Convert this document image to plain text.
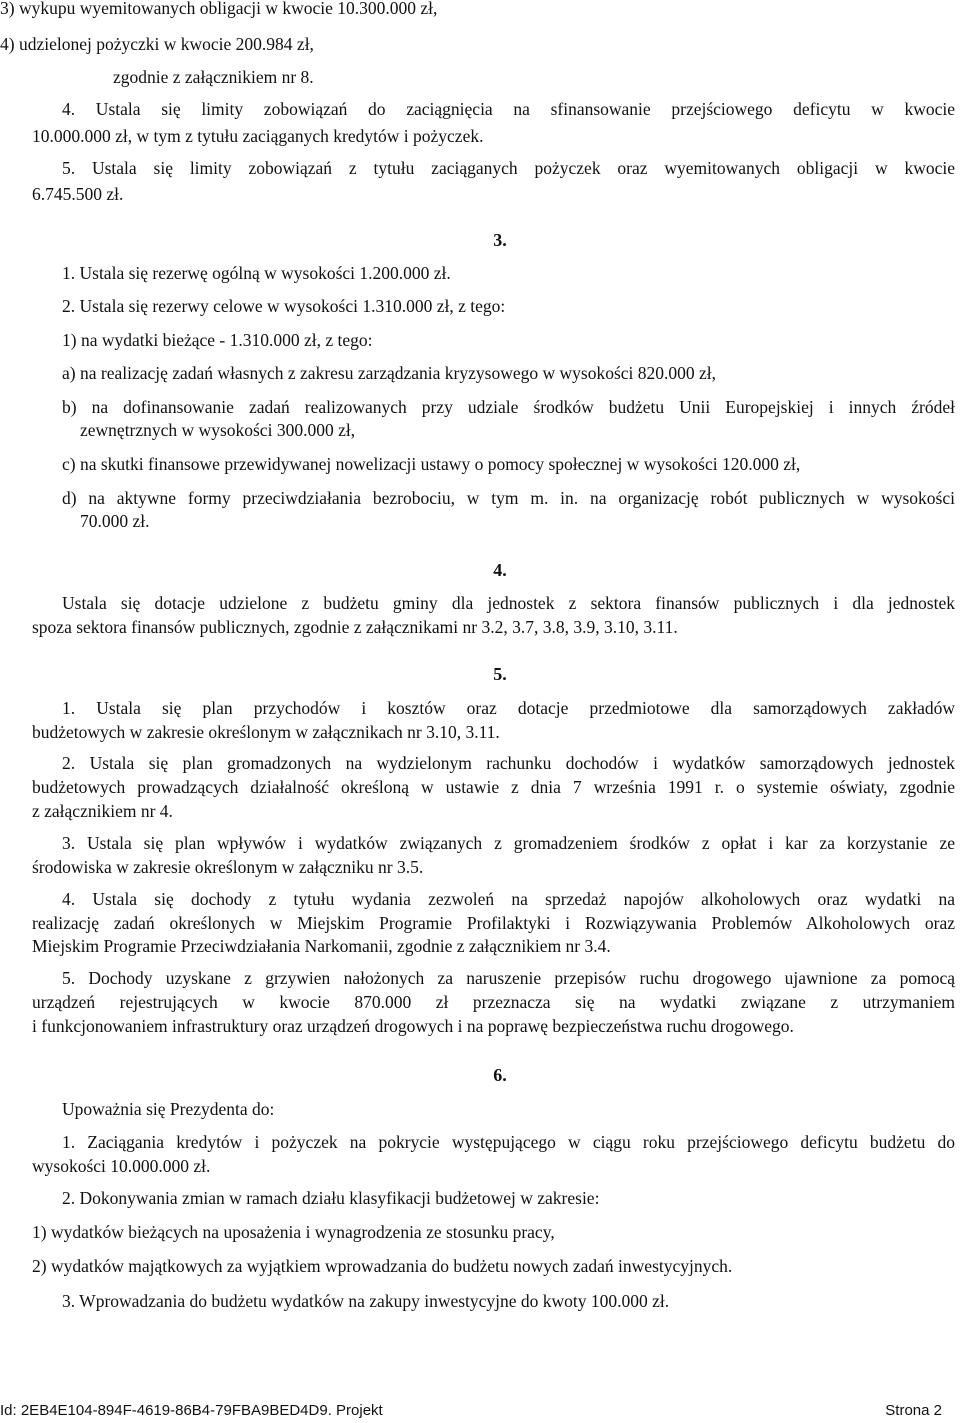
3) wykupu wyemitowanych obligacji w kwocie 10.300.000 zł,
4) udzielonej pożyczki w kwocie 200.984 zł,
zgodnie z załącznikiem nr 8.
4. Ustala się limity zobowiązań do zaciągnięcia na sfinansowanie przejściowego deficytu w kwocie
10.000.000 zł, w tym z tytułu zaciąganych kredytów i pożyczek.
5. Ustala się limity zobowiązań z tytułu zaciąganych pożyczek oraz wyemitowanych obligacji w kwocie
6.745.500 zł.
3.
1. Ustala się rezerwę ogólną w wysokości 1.200.000 zł.
2. Ustala się rezerwy celowe w wysokości 1.310.000 zł, z tego:
1) na wydatki bieżące - 1.310.000 zł, z tego:
a) na realizację zadań własnych z zakresu zarządzania kryzysowego w wysokości 820.000 zł,
b) na dofinansowanie zadań realizowanych przy udziale środków budżetu Unii Europejskiej i innych źródeł
zewnętrznych w wysokości 300.000 zł,
c) na skutki finansowe przewidywanej nowelizacji ustawy o pomocy społecznej w wysokości 120.000 zł,
d) na aktywne formy przeciwdziałania bezrobociu, w tym m. in. na organizację robót publicznych w wysokości
70.000 zł.
4.
Ustala się dotacje udzielone z budżetu gminy dla jednostek z sektora finansów publicznych i dla jednostek
spoza sektora finansów publicznych, zgodnie z załącznikami nr 3.2, 3.7, 3.8, 3.9, 3.10, 3.11.
5.
1. Ustala się plan przychodów i kosztów oraz dotacje przedmiotowe dla samorządowych zakładów
budżetowych w zakresie określonym w załącznikach nr 3.10, 3.11.
2. Ustala się plan gromadzonych na wydzielonym rachunku dochodów i wydatków samorządowych jednostek
budżetowych prowadzących działalność określoną w ustawie z dnia 7 września 1991 r. o systemie oświaty, zgodnie
z załącznikiem nr 4.
3. Ustala się plan wpływów i wydatków związanych z gromadzeniem środków z opłat i kar za korzystanie ze
środowiska w zakresie określonym w załączniku nr 3.5.
4. Ustala się dochody z tytułu wydania zezwoleń na sprzedaż napojów alkoholowych oraz wydatki na
realizację zadań określonych w Miejskim Programie Profilaktyki i Rozwiązywania Problemów Alkoholowych oraz
Miejskim Programie Przeciwdziałania Narkomanii, zgodnie z załącznikiem nr 3.4.
5. Dochody uzyskane z grzywien nałożonych za naruszenie przepisów ruchu drogowego ujawnione za pomocą
urządzeń rejestrujących w kwocie 870.000 zł przeznacza się na wydatki związane z utrzymaniem
i funkcjonowaniem infrastruktury oraz urządzeń drogowych i na poprawę bezpieczeństwa ruchu drogowego.
6.
Upoważnia się Prezydenta do:
1. Zaciągania kredytów i pożyczek na pokrycie występującego w ciągu roku przejściowego deficytu budżetu do
wysokości 10.000.000 zł.
2. Dokonywania zmian w ramach działu klasyfikacji budżetowej w zakresie:
1) wydatków bieżących na uposażenia i wynagrodzenia ze stosunku pracy,
2) wydatków majątkowych za wyjątkiem wprowadzania do budżetu nowych zadań inwestycyjnych.
3. Wprowadzania do budżetu wydatków na zakupy inwestycyjne do kwoty 100.000 zł.
Id: 2EB4E104-894F-4619-86B4-79FBA9BED4D9. Projekt	Strona 2
